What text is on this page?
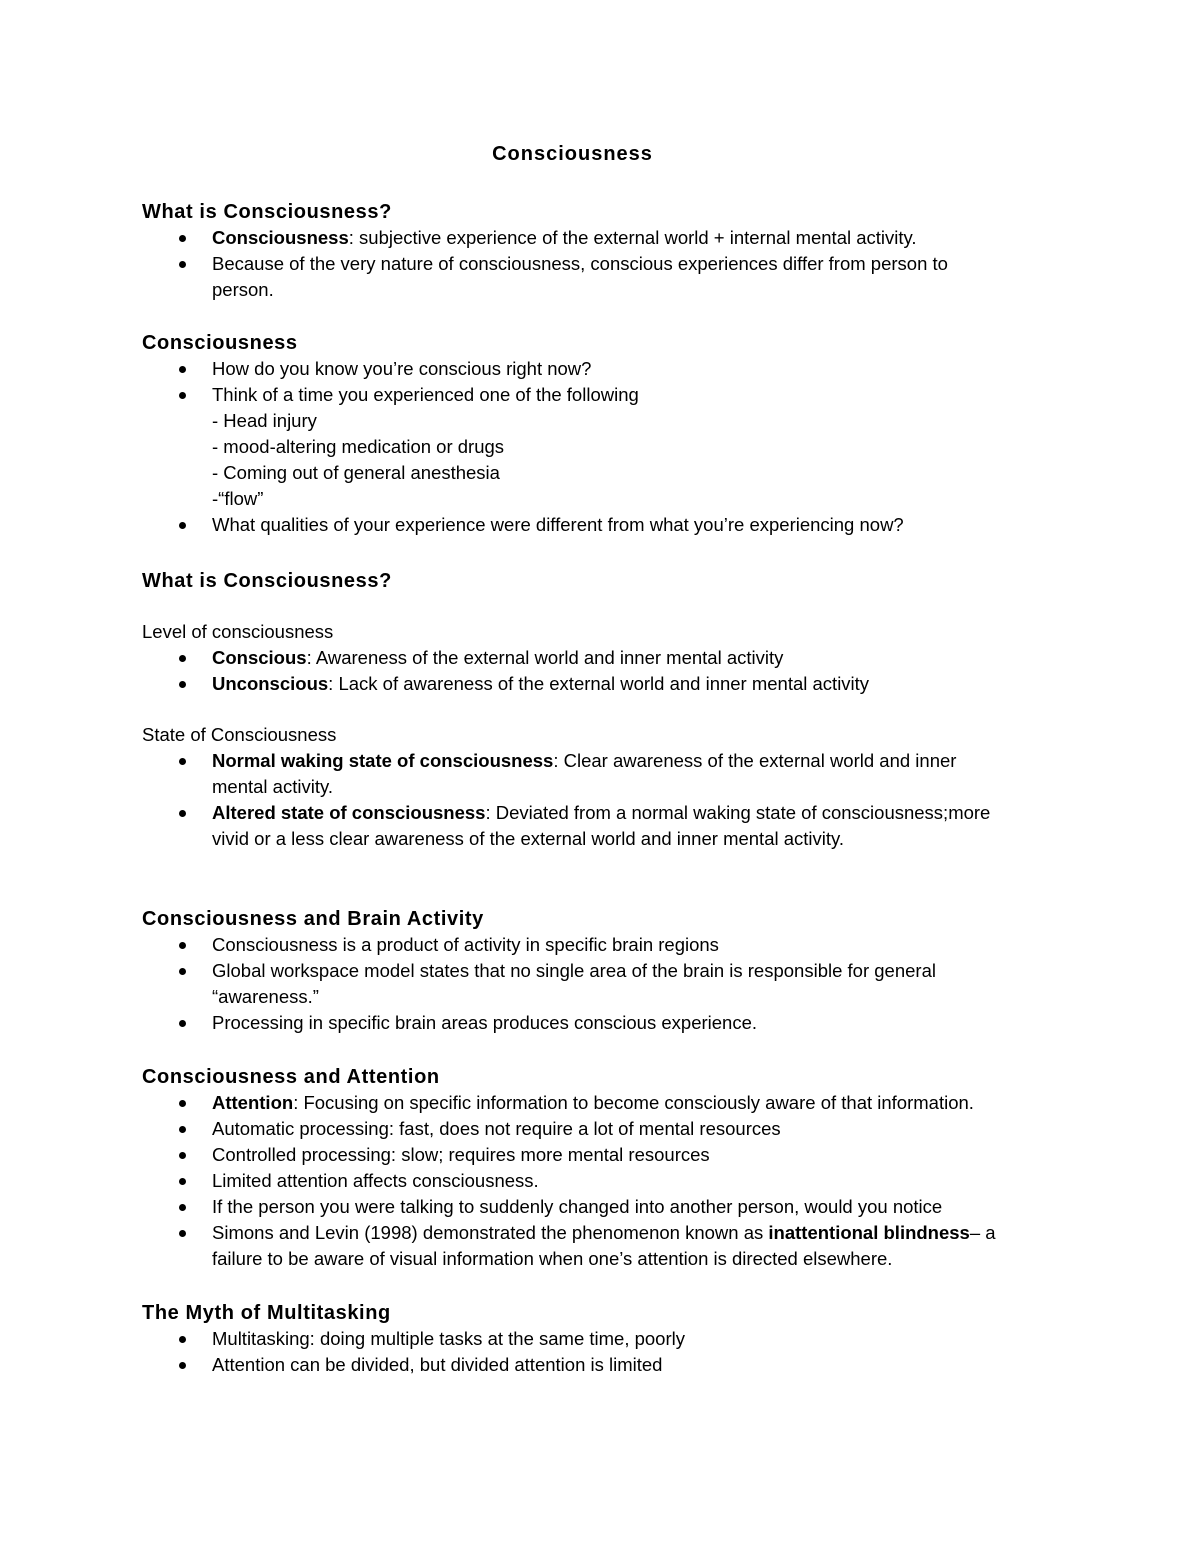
Consciousness

What is Consciousness?

Consciousness: subjective experience of the external world + internal mental activity.
Because of the very nature of consciousness, conscious experiences differ from person to
person.

Consciousness

How do you know you’re conscious right now?
Think of a time you experienced one of the following
- Head injury
- mood-altering medication or drugs
- Coming out of general anesthesia
-“flow”
What qualities of your experience were different from what you’re experiencing now?

What is Consciousness?

Level of consciousness

Conscious: Awareness of the external world and inner mental activity
Unconscious: Lack of awareness of the external world and inner mental activity

State of Consciousness

Normal waking state of consciousness: Clear awareness of the external world and inner
mental activity.
Altered state of consciousness: Deviated from a normal waking state of consciousness;more
vivid or a less clear awareness of the external world and inner mental activity.

Consciousness and Brain Activity

Consciousness is a product of activity in specific brain regions
Global workspace model states that no single area of the brain is responsible for general
“awareness.”
Processing in specific brain areas produces conscious experience.

Consciousness and Attention

Attention: Focusing on specific information to become consciously aware of that information.
Automatic processing: fast, does not require a lot of mental resources
Controlled processing: slow; requires more mental resources
Limited attention affects consciousness.
If the person you were talking to suddenly changed into another person, would you notice
Simons and Levin (1998) demonstrated the phenomenon known as inattentional blindness– a
failure to be aware of visual information when one’s attention is directed elsewhere.

The Myth of Multitasking

Multitasking: doing multiple tasks at the same time, poorly
Attention can be divided, but divided attention is limited
